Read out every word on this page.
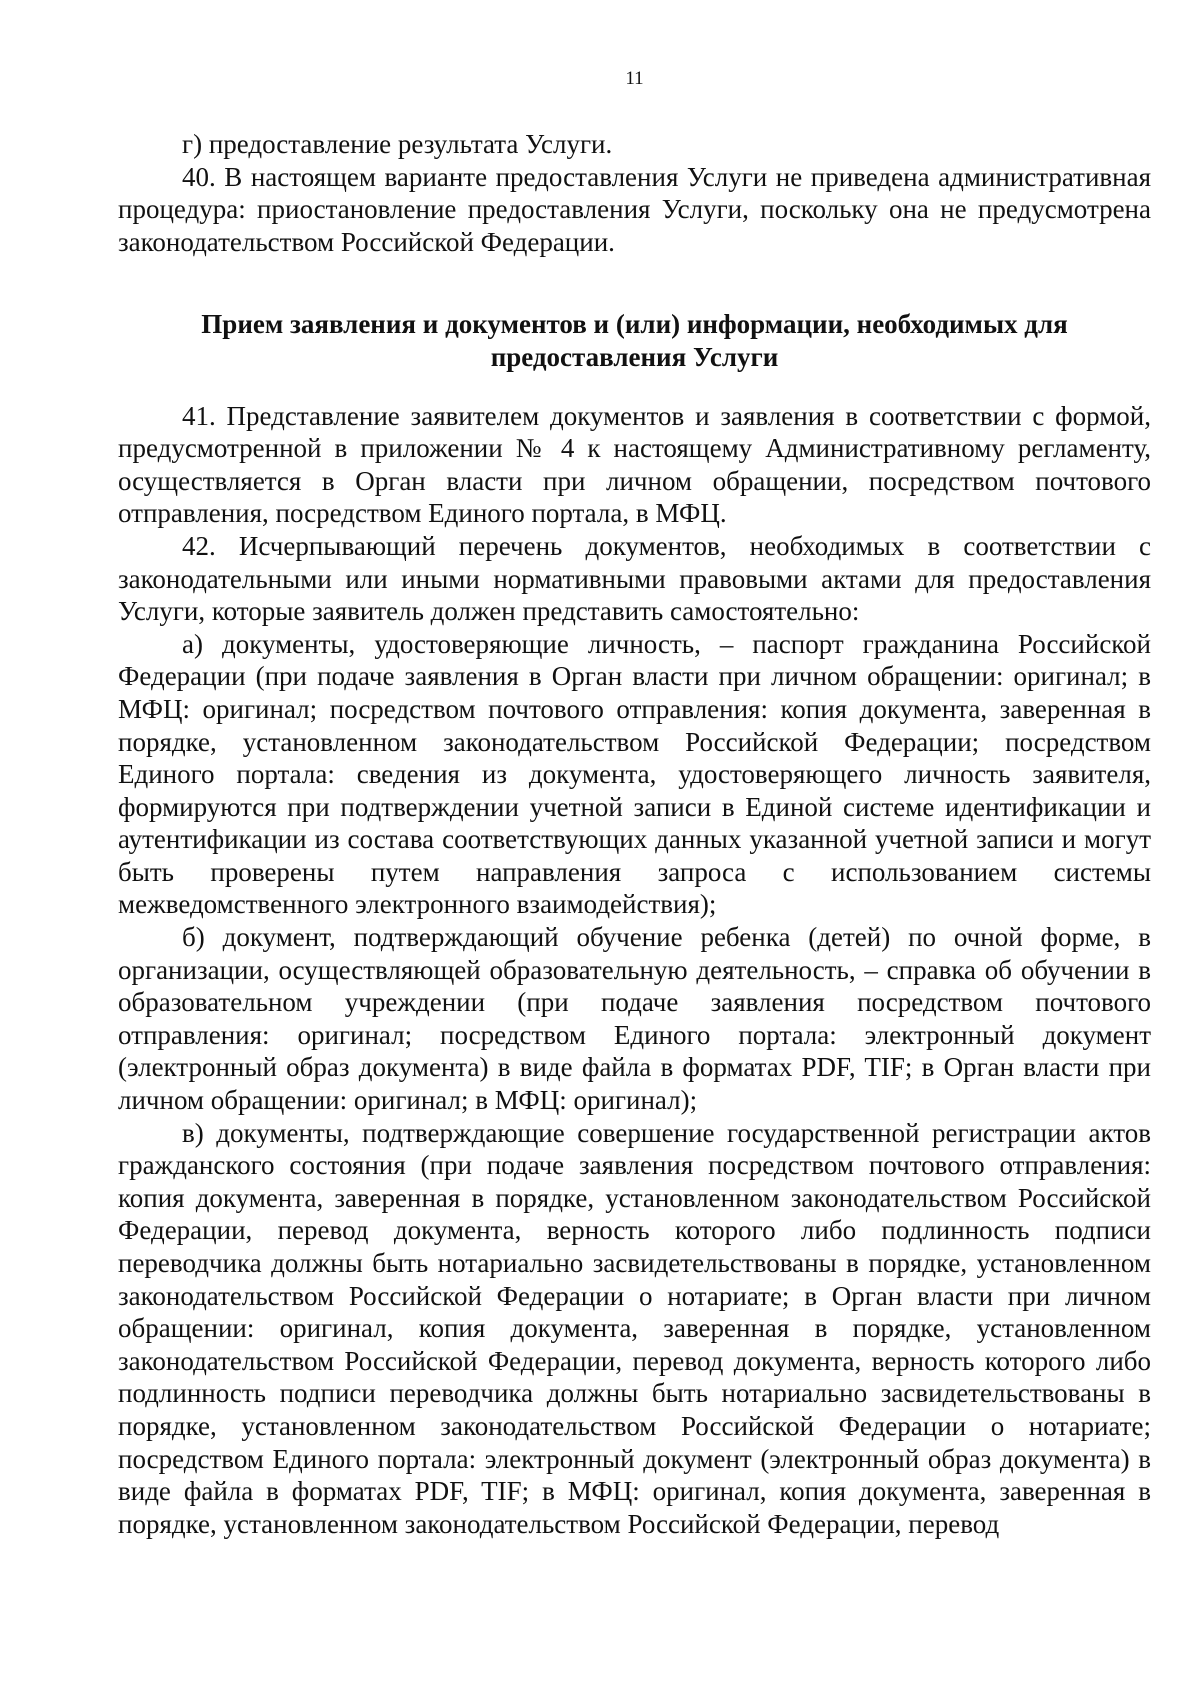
11

г) предоставление результата Услуги.

40. В настоящем варианте предоставления Услуги не приведена административная процедура: приостановление предоставления Услуги, поскольку она не предусмотрена законодательством Российской Федерации.

Прием заявления и документов и (или) информации, необходимых для предоставления Услуги

41. Представление заявителем документов и заявления в соответствии с формой, предусмотренной в приложении № 4 к настоящему Административному регламенту, осуществляется в Орган власти при личном обращении, посредством почтового отправления, посредством Единого портала, в МФЦ.

42. Исчерпывающий перечень документов, необходимых в соответствии с законодательными или иными нормативными правовыми актами для предоставления Услуги, которые заявитель должен представить самостоятельно:

а) документы, удостоверяющие личность, – паспорт гражданина Российской Федерации (при подаче заявления в Орган власти при личном обращении: оригинал; в МФЦ: оригинал; посредством почтового отправления: копия документа, заверенная в порядке, установленном законодательством Российской Федерации; посредством Единого портала: сведения из документа, удостоверяющего личность заявителя, формируются при подтверждении учетной записи в Единой системе идентификации и аутентификации из состава соответствующих данных указанной учетной записи и могут быть проверены путем направления запроса с использованием системы межведомственного электронного взаимодействия);

б) документ, подтверждающий обучение ребенка (детей) по очной форме, в организации, осуществляющей образовательную деятельность, – справка об обучении в образовательном учреждении (при подаче заявления посредством почтового отправления: оригинал; посредством Единого портала: электронный документ (электронный образ документа) в виде файла в форматах PDF, TIF; в Орган власти при личном обращении: оригинал; в МФЦ: оригинал);

в) документы, подтверждающие совершение государственной регистрации актов гражданского состояния (при подаче заявления посредством почтового отправления: копия документа, заверенная в порядке, установленном законодательством Российской Федерации, перевод документа, верность которого либо подлинность подписи переводчика должны быть нотариально засвидетельствованы в порядке, установленном законодательством Российской Федерации о нотариате; в Орган власти при личном обращении: оригинал, копия документа, заверенная в порядке, установленном законодательством Российской Федерации, перевод документа, верность которого либо подлинность подписи переводчика должны быть нотариально засвидетельствованы в порядке, установленном законодательством Российской Федерации о нотариате; посредством Единого портала: электронный документ (электронный образ документа) в виде файла в форматах PDF, TIF; в МФЦ: оригинал, копия документа, заверенная в порядке, установленном законодательством Российской Федерации, перевод
